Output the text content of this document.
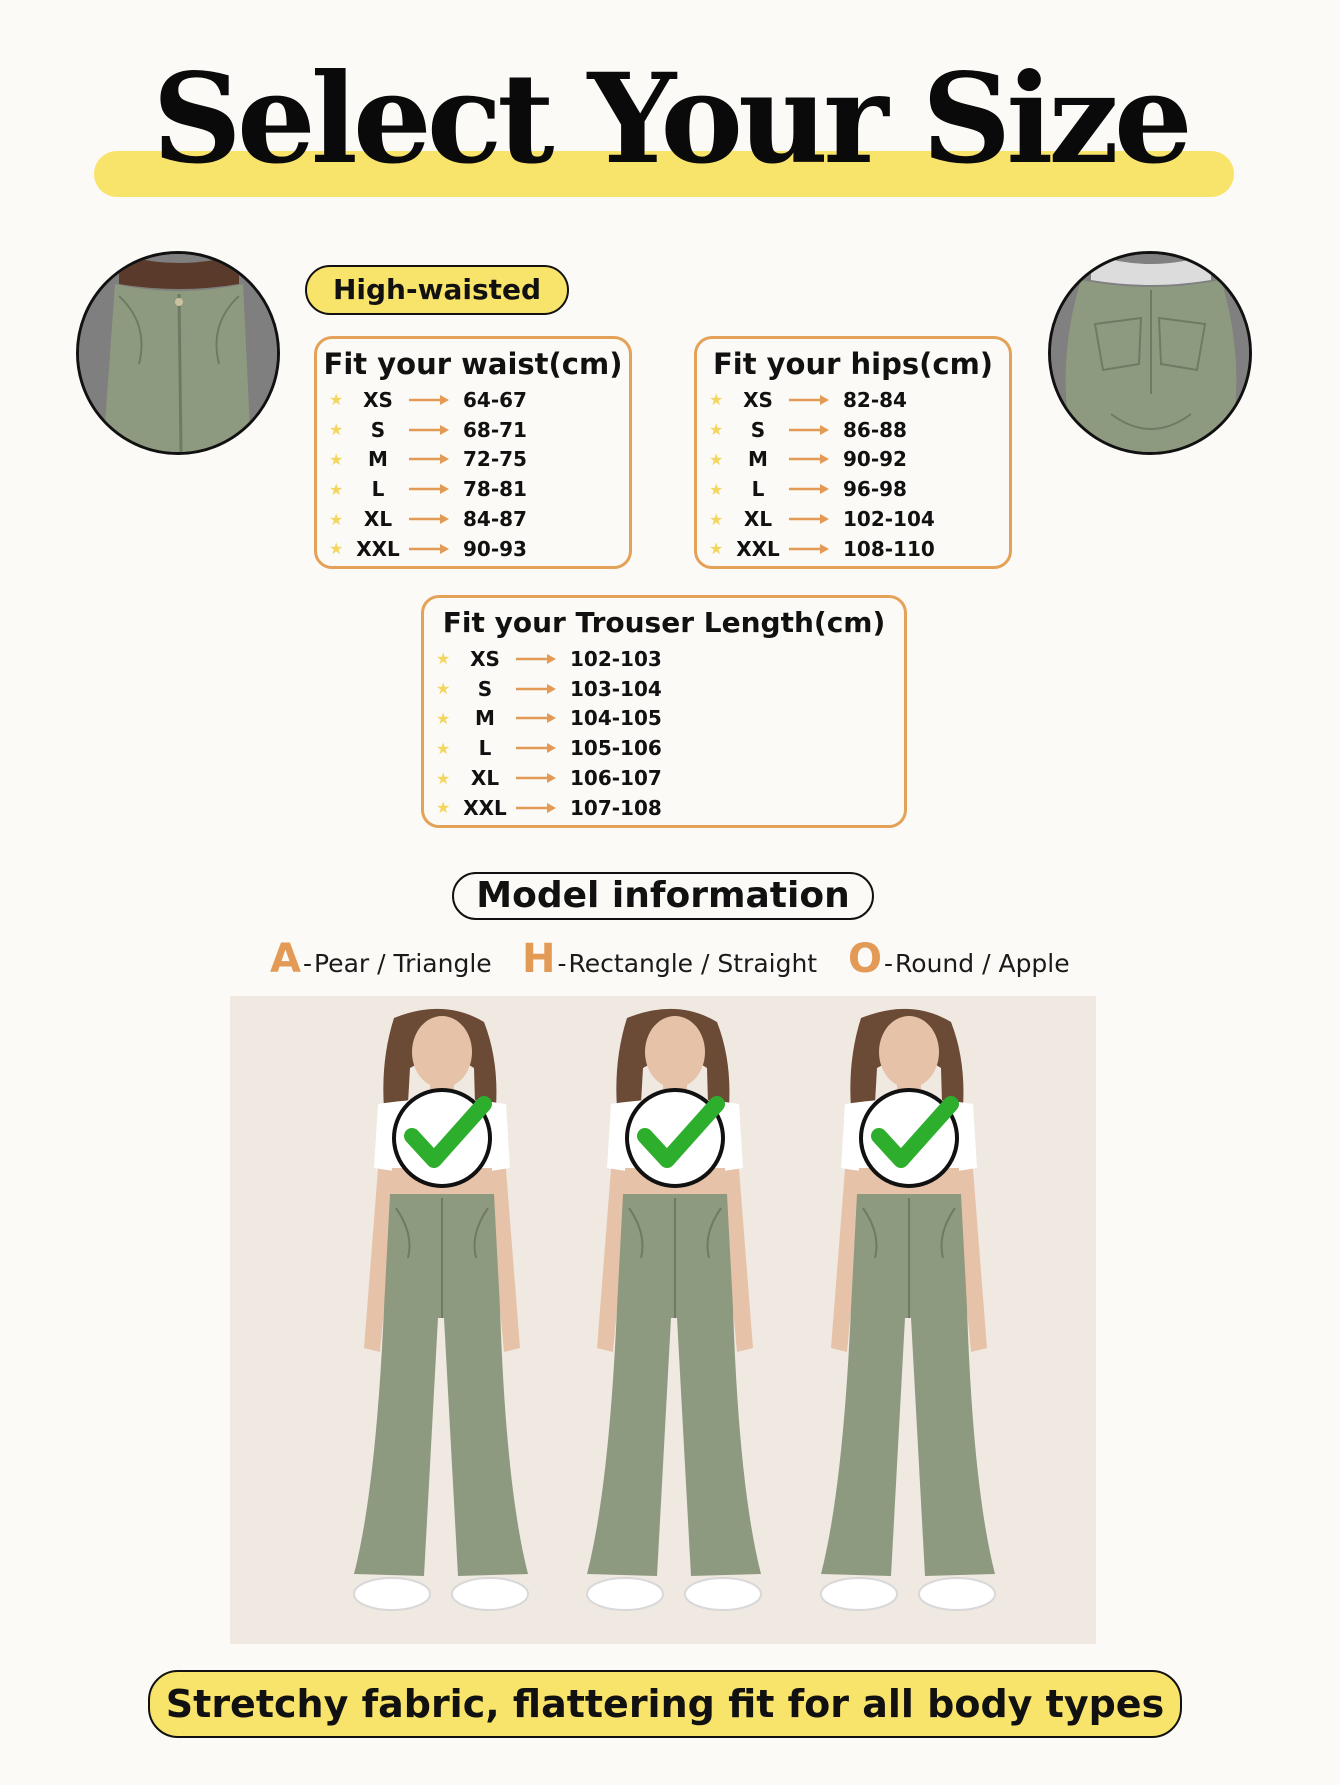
Select Your Size
High-waisted
Fit your waist(cm)
★ XS	64-67
★	S	68-71
★	M	72-75
★	L	78-81
★	XL	84-87
★ XXL	90-93
Fit your hips(cm)
★ XS	82-84
★	S	86-88
★	M	90-92
★	L	96-98
★	XL	102-104
★ XXL	108-110
Fit your Trouser Length(cm)
★ XS	102-103
★	S	103-104
★	M	104-105
★	L	105-106
★	XL	106-107
★ XXL	107-108
Model information
A - Pear / Triangle H - Rectangle / Straight O - Round / Apple
Stretchy fabric, flattering fit for all body types
